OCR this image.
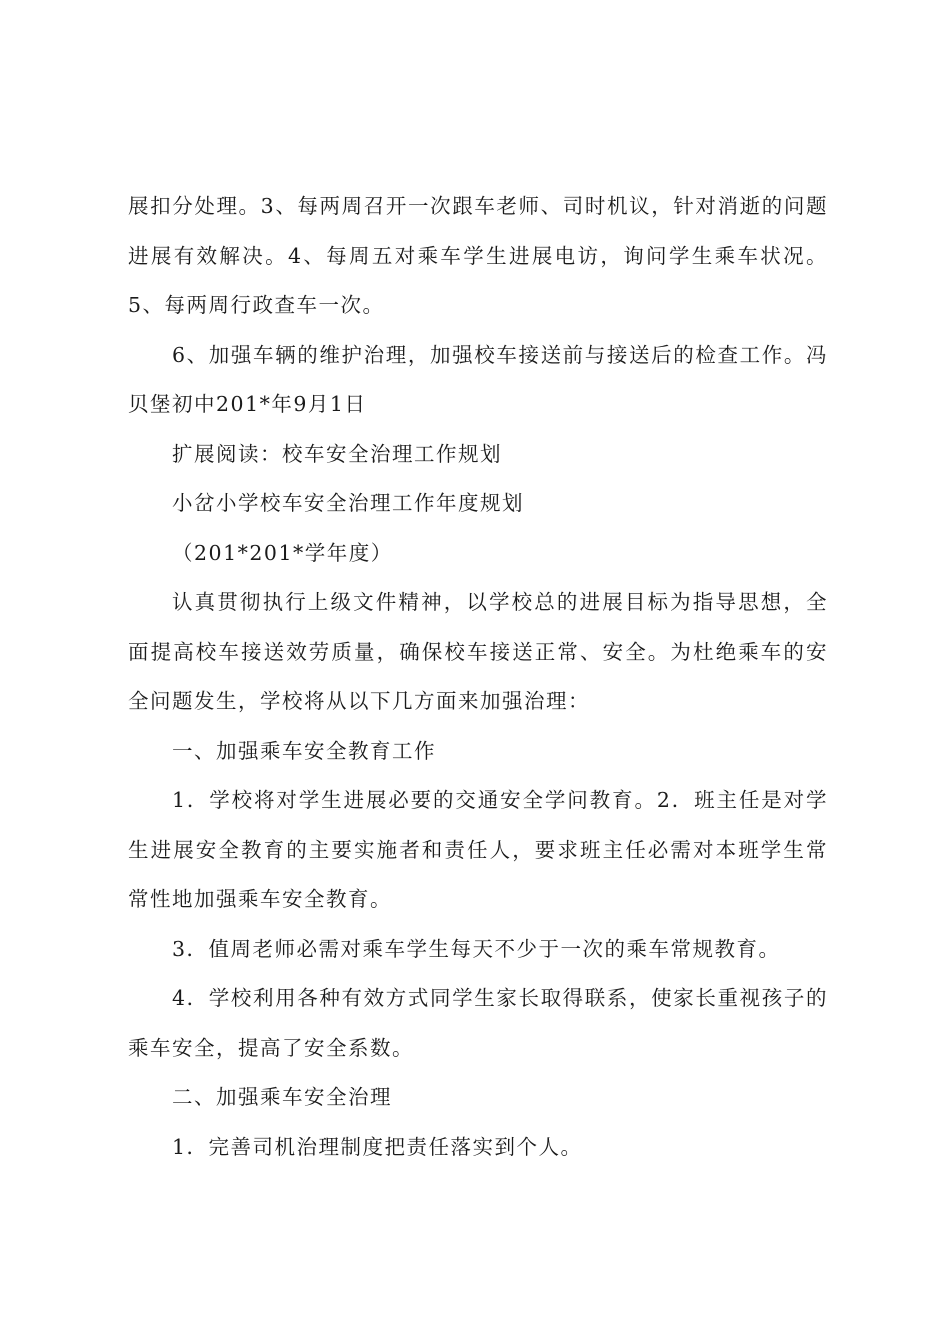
展扣分处理。3、每两周召开一次跟车老师、司时机议，针对消逝的问题进展有效解决。4、每周五对乘车学生进展电访，询问学生乘车状况。5、每两周行政查车一次。

6、加强车辆的维护治理，加强校车接送前与接送后的检查工作。冯贝堡初中201*年9月1日

扩展阅读：校车安全治理工作规划

小岔小学校车安全治理工作年度规划

（201*201*学年度）

认真贯彻执行上级文件精神，以学校总的进展目标为指导思想，全面提高校车接送效劳质量，确保校车接送正常、安全。为杜绝乘车的安全问题发生，学校将从以下几方面来加强治理：

一、加强乘车安全教育工作

1．学校将对学生进展必要的交通安全学问教育。2．班主任是对学生进展安全教育的主要实施者和责任人，要求班主任必需对本班学生常常性地加强乘车安全教育。

3．值周老师必需对乘车学生每天不少于一次的乘车常规教育。

4．学校利用各种有效方式同学生家长取得联系，使家长重视孩子的乘车安全，提高了安全系数。

二、加强乘车安全治理

1．完善司机治理制度把责任落实到个人。
